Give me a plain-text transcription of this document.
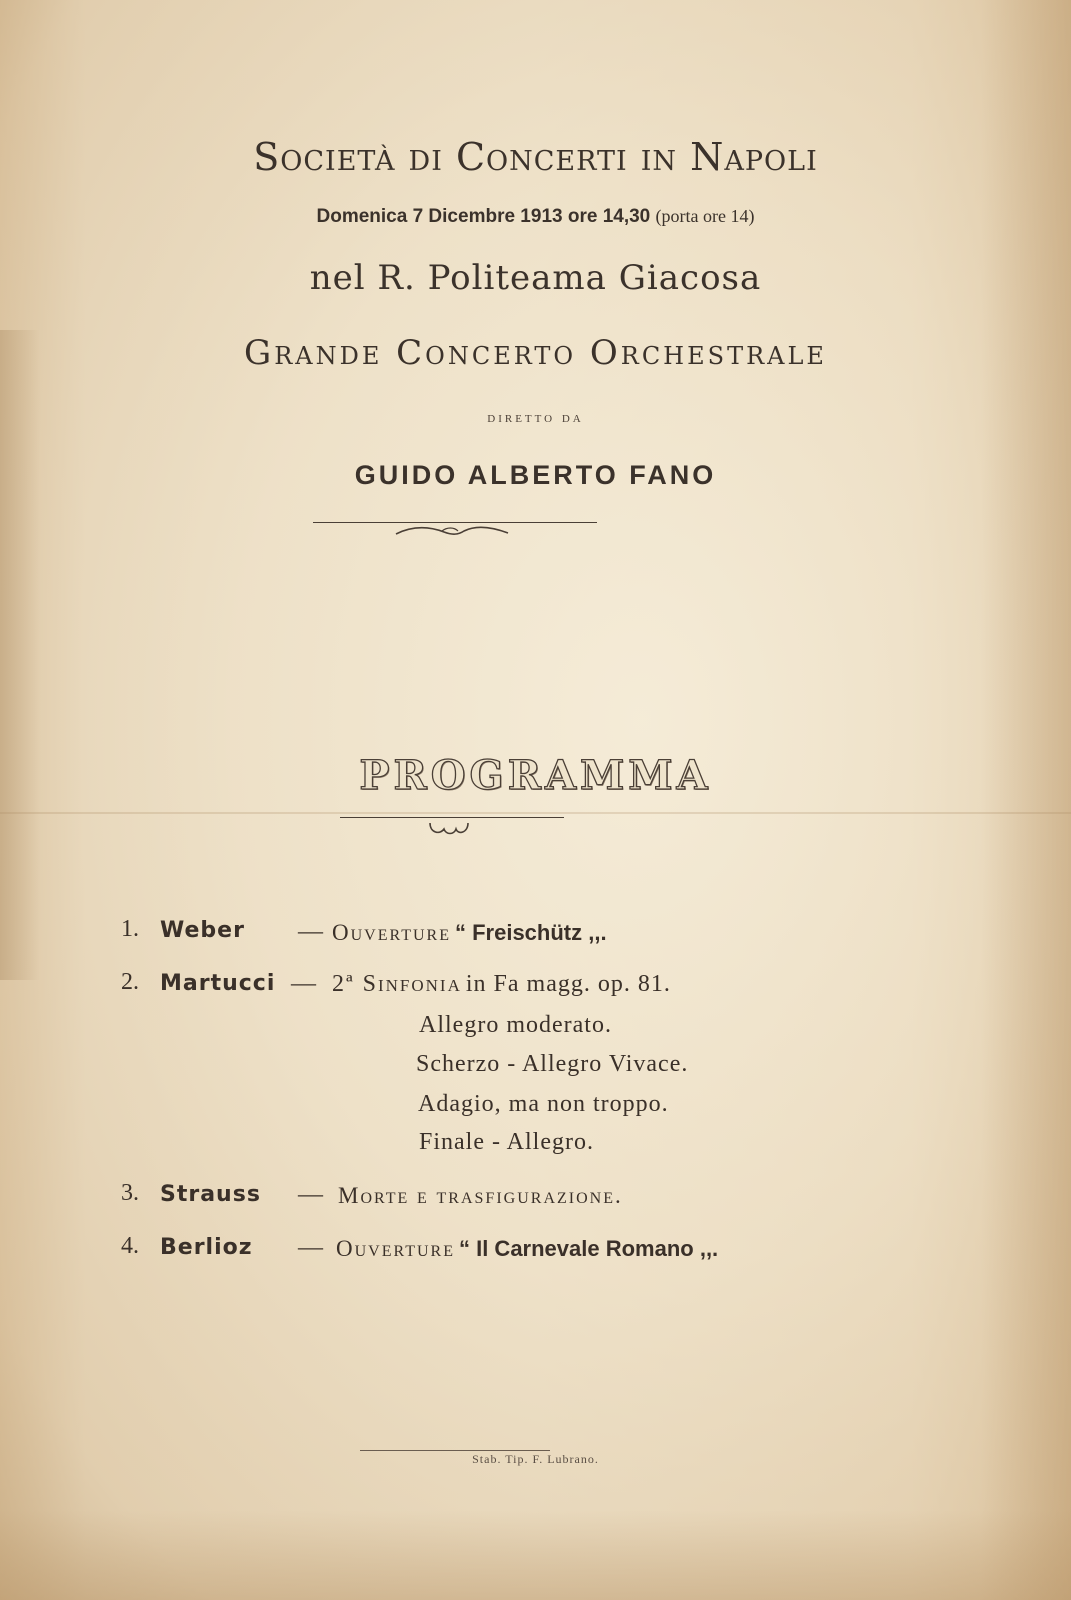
Società di Concerti in Napoli
Domenica 7 Dicembre 1913 ore 14,30 (porta ore 14)
nel R. Politeama Giacosa
Grande Concerto Orchestrale
diretto da
GUIDO ALBERTO FANO
PROGRAMMA
1. Weber — Ouverture “ Freischütz ,,.
2. Martucci — 2ª Sinfonia in Fa magg. op. 81.
Allegro moderato.
Scherzo - Allegro Vivace.
Adagio, ma non troppo.
Finale - Allegro.
3. Strauss — Morte e trasfigurazione.
4. Berlioz — Ouverture “ Il Carnevale Romano ,,.
Stab. Tip. F. Lubrano.
